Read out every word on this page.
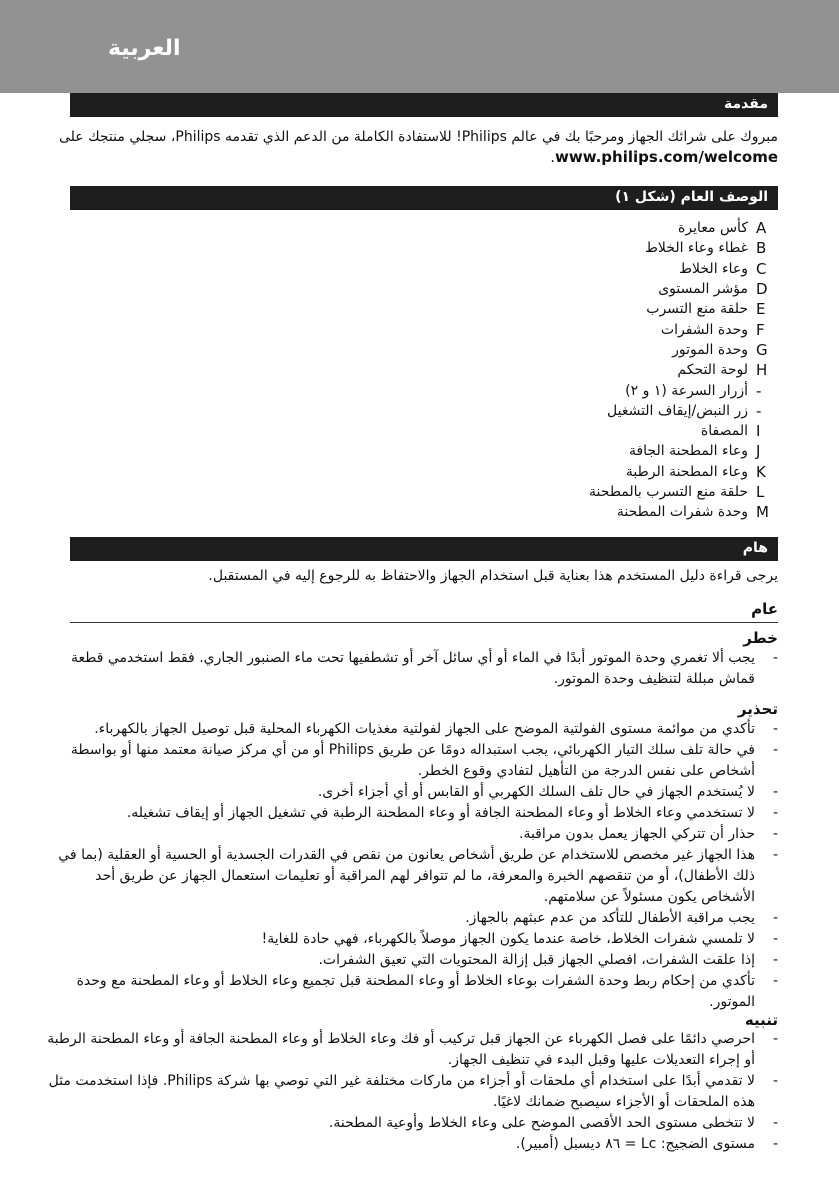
العربية
مقدمة
مبروك على شرائك الجهاز ومرحبًا بك في عالم Philips! للاستفادة الكاملة من الدعم الذي تقدمه Philips، سجلي منتجك على
.www.philips.com/welcome
الوصف العام (شكل ١)
A
كأس معايرة
B
غطاء وعاء الخلاط
C
وعاء الخلاط
D
مؤشر المستوى
E
حلقة منع التسرب
F
وحدة الشفرات
G
وحدة الموتور
H
لوحة التحكم
-
أزرار السرعة (١ و ٢)
-
زر النبض/إيقاف التشغيل
I
المصفاة
J
وعاء المطحنة الجافة
K
وعاء المطحنة الرطبة
L
حلقة منع التسرب بالمطحنة
M
وحدة شفرات المطحنة
هام
يرجى قراءة دليل المستخدم هذا بعناية قبل استخدام الجهاز والاحتفاظ به للرجوع إليه في المستقبل.
عام
خطر
- يجب ألا تغمري وحدة الموتور أبدًا في الماء أو أي سائل آخر أو تشطفيها تحت ماء الصنبور الجاري. فقط استخدمي قطعة
قماش مبللة لتنظيف وحدة الموتور.
تحذير
- تأكدي من موائمة مستوى الفولتية الموضح على الجهاز لفولتية مغذيات الكهرباء المحلية قبل توصيل الجهاز بالكهرباء.
- في حالة تلف سلك التيار الكهربائي، يجب استبداله دومًا عن طريق Philips أو من أي مركز صيانة معتمد منها أو بواسطة
أشخاص على نفس الدرجة من التأهيل لتفادي وقوع الخطر.
- لا يُستخدم الجهاز في حال تلف السلك الكهربي أو القابس أو أي أجزاء أخرى.
- لا تستخدمي وعاء الخلاط أو وعاء المطحنة الجافة أو وعاء المطحنة الرطبة في تشغيل الجهاز أو إيقاف تشغيله.
- حذار أن تتركي الجهاز يعمل بدون مراقبة.
- هذا الجهاز غير مخصص للاستخدام عن طريق أشخاص يعانون من نقص في القدرات الجسدية أو الحسية أو العقلية (بما في
ذلك الأطفال)، أو من تنقصهم الخبرة والمعرفة، ما لم تتوافر لهم المراقبة أو تعليمات استعمال الجهاز عن طريق أحد
الأشخاص يكون مسئولاً عن سلامتهم.
- يجب مراقبة الأطفال للتأكد من عدم عبثهم بالجهاز.
- لا تلمسي شفرات الخلاط، خاصة عندما يكون الجهاز موصلاً بالكهرباء، فهي حادة للغاية!
- إذا علقت الشفرات، افصلي الجهاز قبل إزالة المحتويات التي تعيق الشفرات.
- تأكدي من إحكام ربط وحدة الشفرات بوعاء الخلاط أو وعاء المطحنة قبل تجميع وعاء الخلاط أو وعاء المطحنة مع وحدة
الموتور.
تنبيه
- احرصي دائمًا على فصل الكهرباء عن الجهاز قبل تركيب أو فك وعاء الخلاط أو وعاء المطحنة الجافة أو وعاء المطحنة الرطبة
أو إجراء التعديلات عليها وقبل البدء في تنظيف الجهاز.
- لا تقدمي أبدًا على استخدام أي ملحقات أو أجزاء من ماركات مختلفة غير التي توصي بها شركة Philips. فإذا استخدمت مثل
هذه الملحقات أو الأجزاء سيصبح ضمانك لاغيًا.
- لا تتخطى مستوى الحد الأقصى الموضح على وعاء الخلاط وأوعية المطحنة.
- مستوى الضجيج: Lc = ٨٦ ديسبل (أمبير).
